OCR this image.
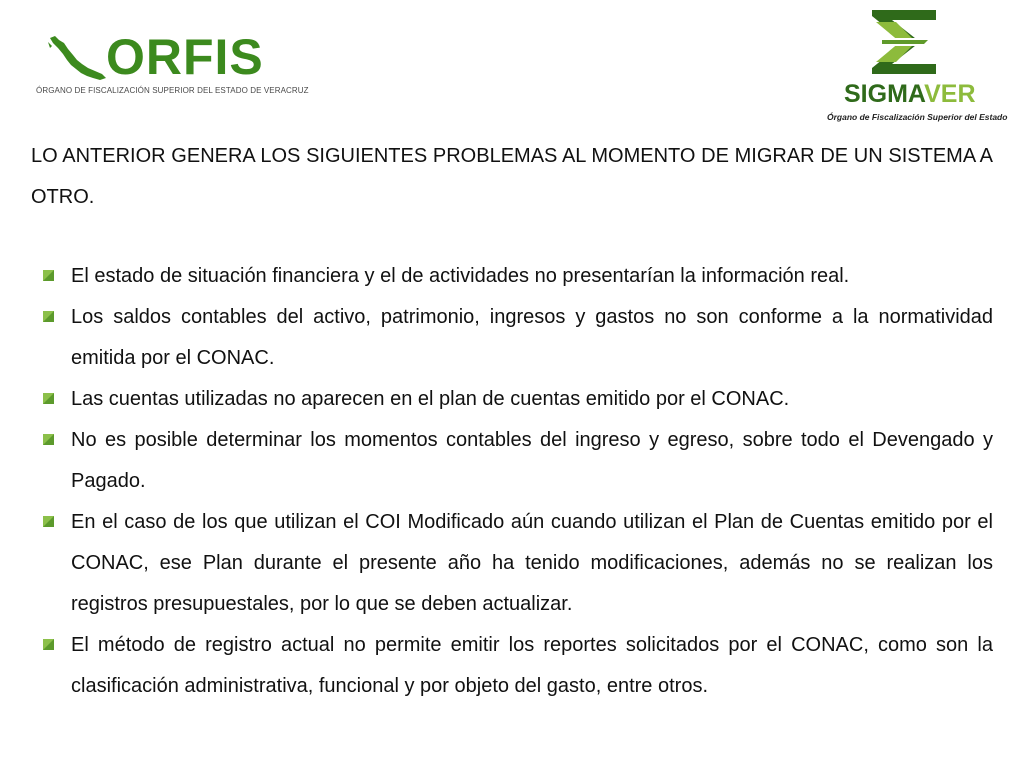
ORFIS
ÓRGANO DE FISCALIZACIÓN SUPERIOR DEL ESTADO DE VERACRUZ	SIGMAVER
Órgano de Fiscalización Superior del Estado

LO ANTERIOR GENERA LOS SIGUIENTES PROBLEMAS AL MOMENTO DE MIGRAR DE UN SISTEMA A OTRO.

El estado de situación financiera y el de actividades no presentarían la información real.
Los saldos contables del activo, patrimonio, ingresos y gastos no son conforme a la normatividad emitida por el CONAC.
Las cuentas utilizadas no aparecen en el plan de cuentas emitido por el CONAC.
No es posible determinar los momentos contables del ingreso y egreso, sobre todo el Devengado y Pagado.
En el caso de los que utilizan el COI Modificado aún cuando utilizan el Plan de Cuentas emitido por el CONAC, ese Plan durante el presente año ha tenido modificaciones, además no se realizan los registros presupuestales, por lo que se deben actualizar.
El método de registro actual no permite emitir los reportes solicitados por el CONAC, como son la clasificación administrativa, funcional y por objeto del gasto, entre otros.
